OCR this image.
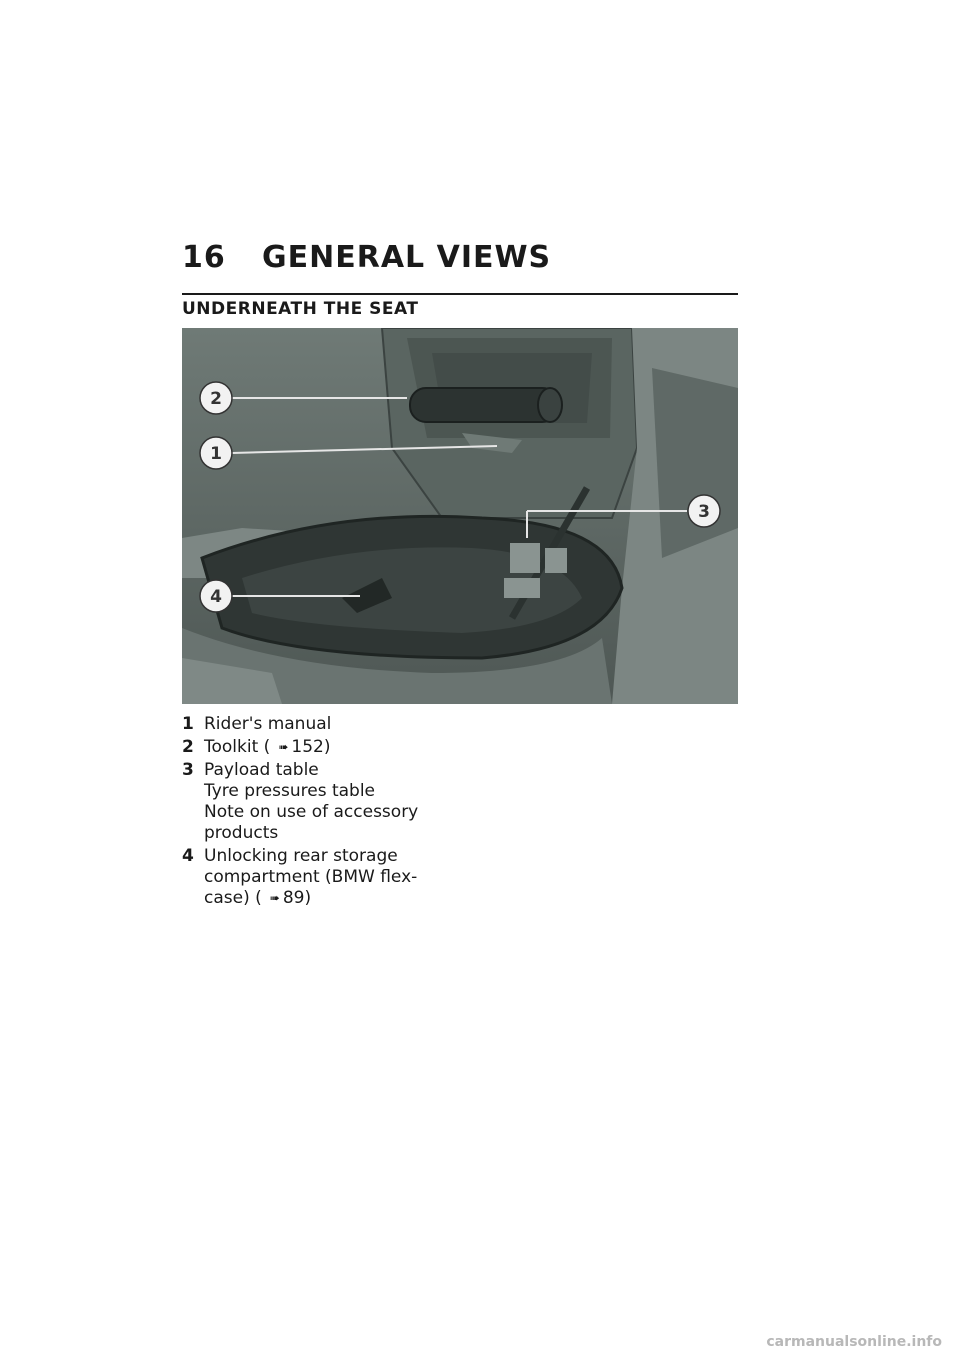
16 GENERAL VIEWS
UNDERNEATH THE SEAT
2
1
3
4
1 Rider's manual
2 Toolkit ( ➠ 152)
3 Payload table
Tyre pressures table
Note on use of accessory
products
4 Unlocking rear storage
compartment (BMW flex-
case) ( ➠ 89)
carmanualsonline.info
